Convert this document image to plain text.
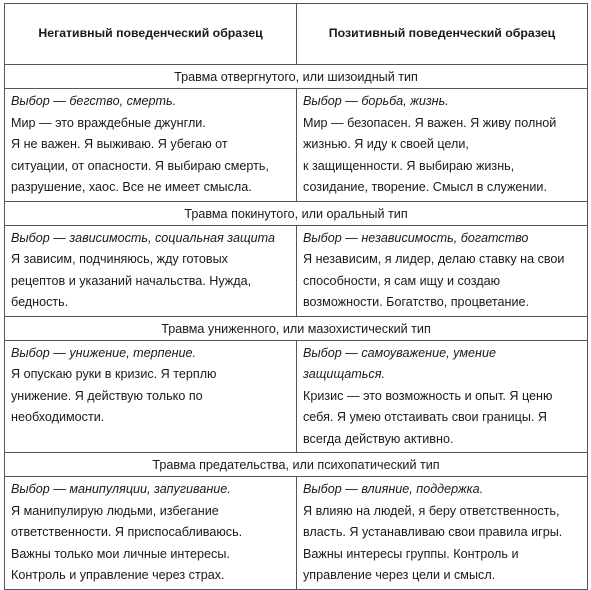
Негативный поведенческий образец	Позитивный поведенческий образец
Травма отвергнутого, или шизоидный тип
Выбор — бегство, смерть.
Мир — это враждебные джунгли.
Я не важен. Я выживаю. Я убегаю от
ситуации, от опасности. Я выбираю смерть,
разрушение, хаос. Все не имеет смысла.
Выбор — борьба, жизнь.
Мир — безопасен. Я важен. Я живу полной
жизнью. Я иду к своей цели,
к защищенности. Я выбираю жизнь,
созидание, творение. Смысл в служении.
Травма покинутого, или оральный тип
Выбор — зависимость, социальная защита
Я зависим, подчиняюсь, жду готовых
рецептов и указаний начальства. Нужда,
бедность.
Выбор — независимость, богатство
Я независим, я лидер, делаю ставку на свои
способности, я сам ищу и создаю
возможности. Богатство, процветание.
Травма униженного, или мазохистический тип
Выбор — унижение, терпение.
Я опускаю руки в кризис. Я терплю
унижение. Я действую только по
необходимости.
Выбор — самоуважение, умение
защищаться.
Кризис — это возможность и опыт. Я ценю
себя. Я умею отстаивать свои границы. Я
всегда действую активно.
Травма предательства, или психопатический тип
Выбор — манипуляции, запугивание.
Я манипулирую людьми, избегание
ответственности. Я приспосабливаюсь.
Важны только мои личные интересы.
Контроль и управление через страх.
Выбор — влияние, поддержка.
Я влияю на людей, я беру ответственность,
власть. Я устанавливаю свои правила игры.
Важны интересы группы. Контроль и
управление через цели и смысл.
